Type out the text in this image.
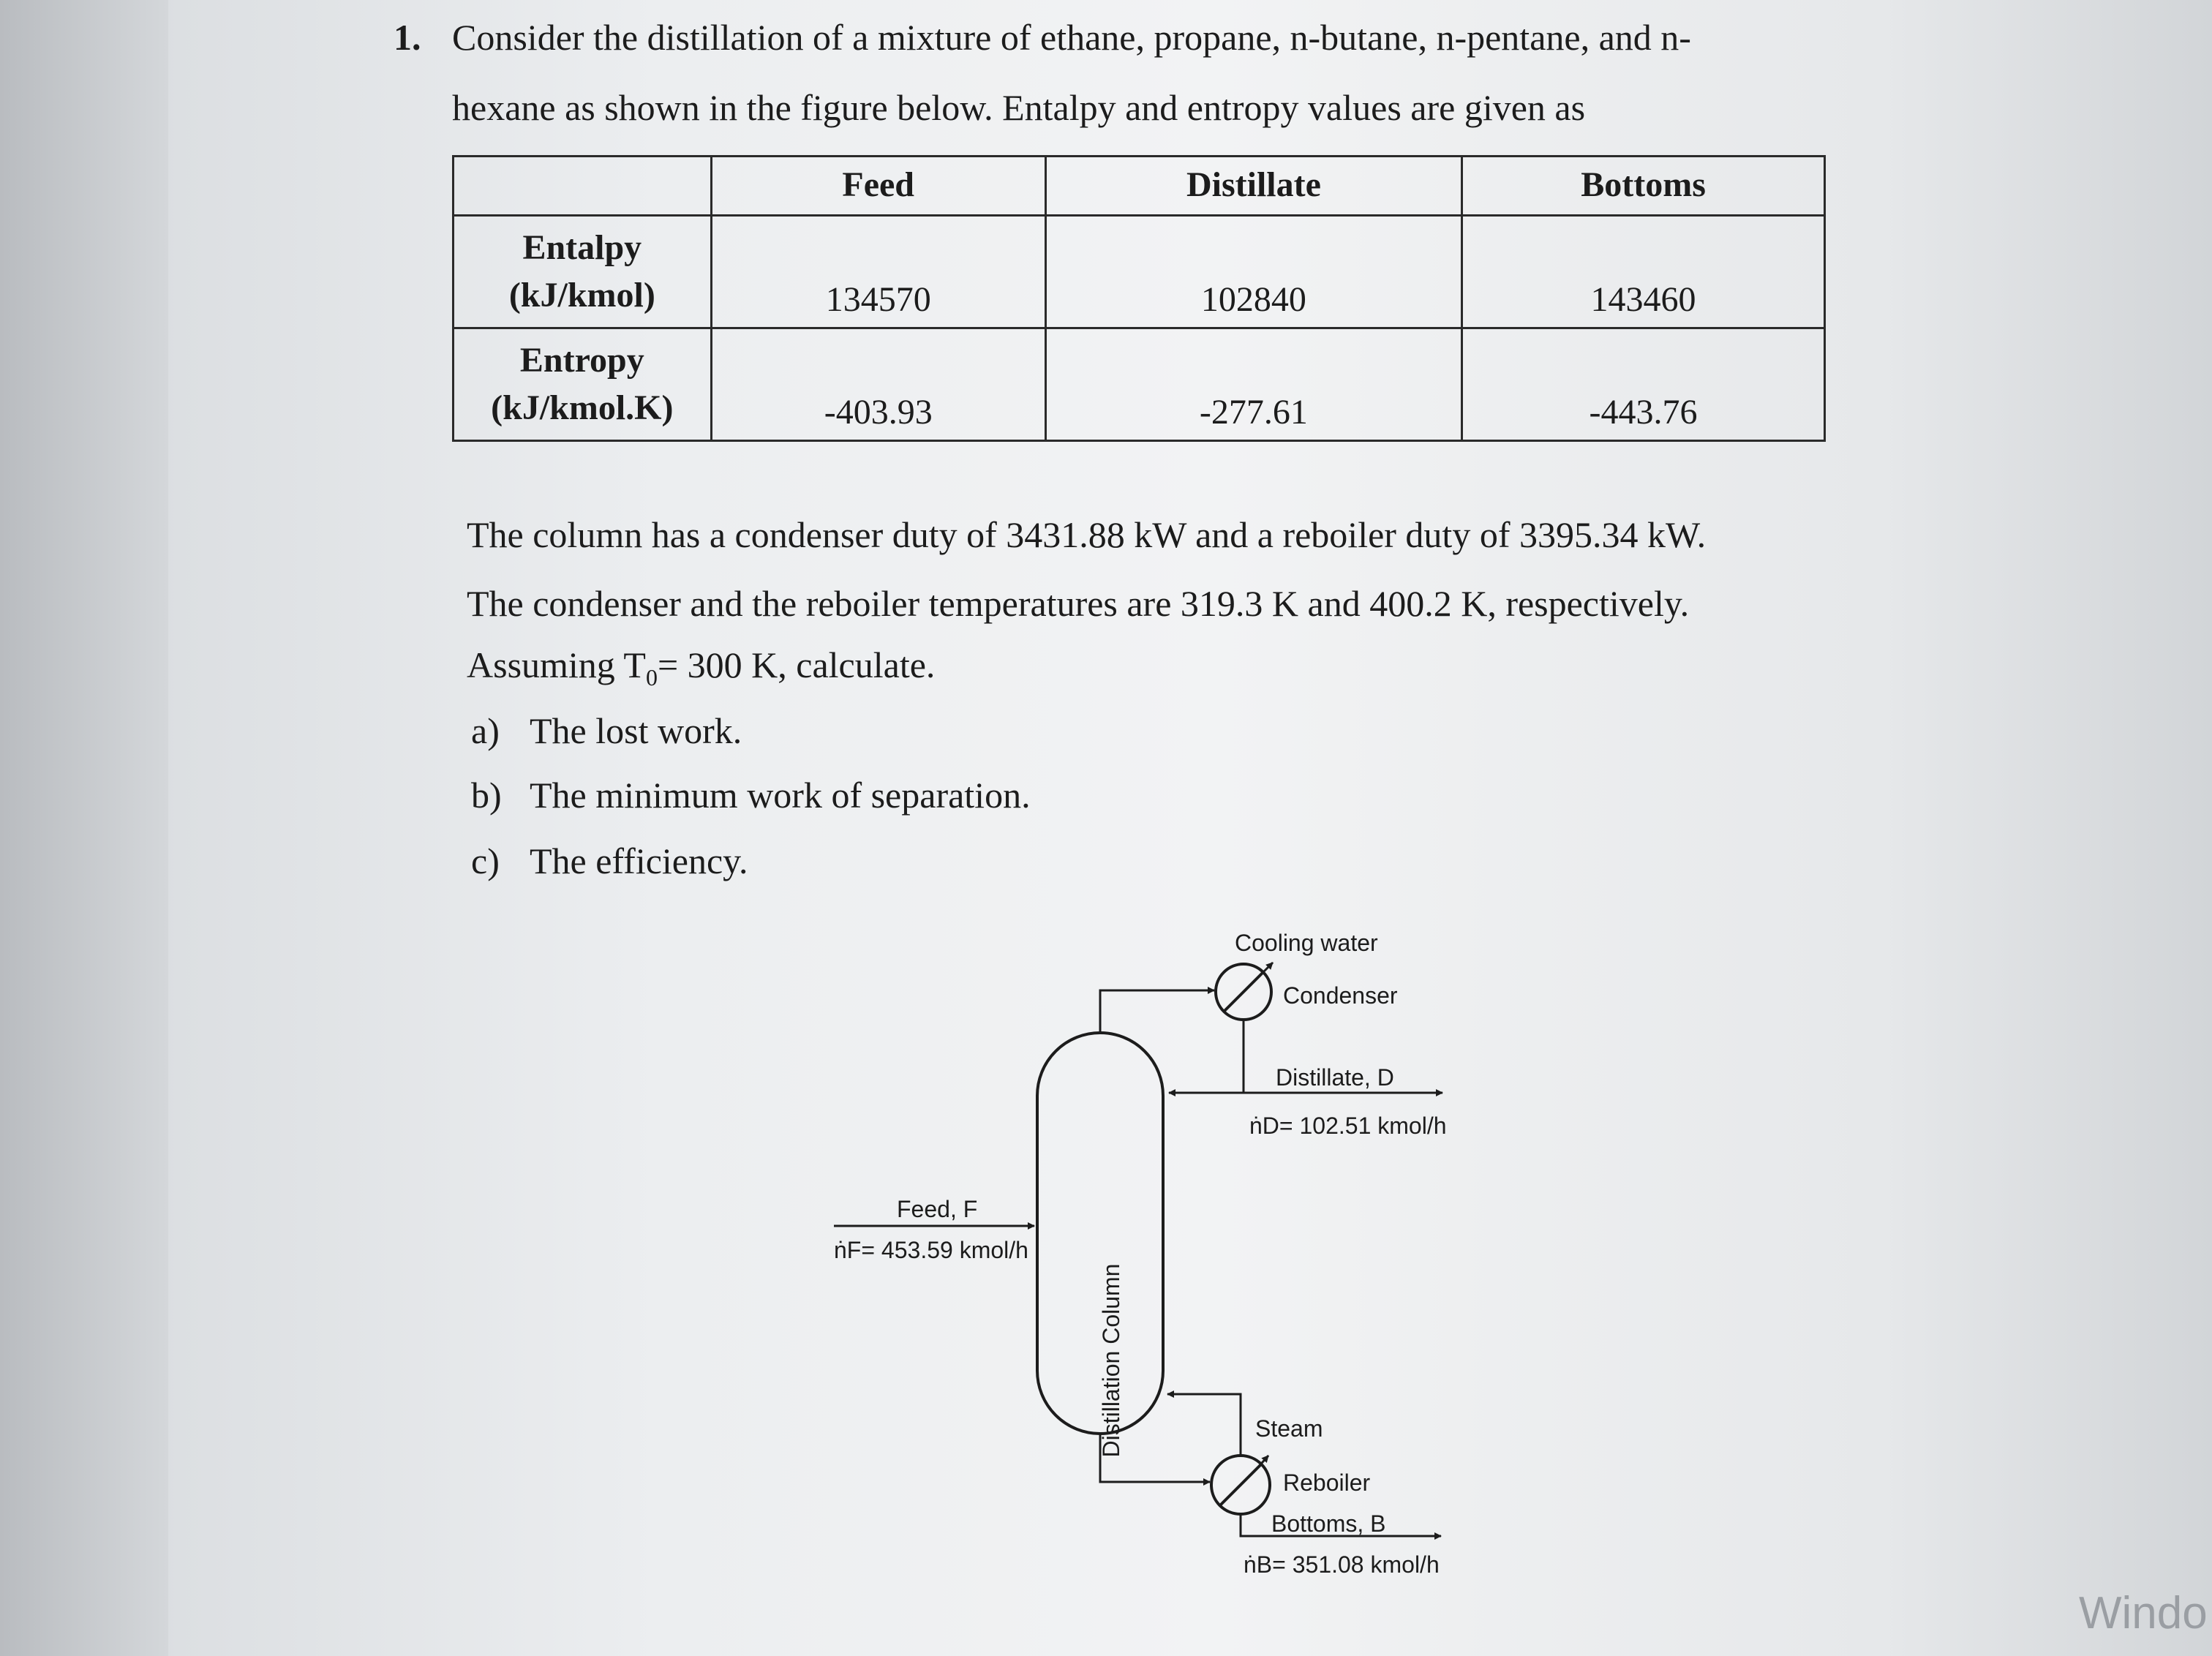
1. Consider the distillation of a mixture of ethane, propane, n-butane, n-pentane, and n-
hexane as shown in the figure below. Entalpy and entropy values are given as
	Feed	Distillate	Bottoms

Entalpy
(kJ/kmol)	134570	102840	143460

Entropy
(kJ/kmol.K)	-403.93	-277.61	-443.76
The column has a condenser duty of 3431.88 kW and a reboiler duty of 3395.34 kW.
The condenser and the reboiler temperatures are 319.3 K and 400.2 K, respectively.
Assuming $T_0= 300$ K, calculate.
a) The lost work.
b) The minimum work of separation.
c) The efficiency.
Distillation Column
Cooling water
Condenser
Distillate, D
ṅD= 102.51 kmol/h
Feed, F
ṅF= 453.59 kmol/h
Steam
Reboiler
Bottoms, B
ṅB= 351.08 kmol/h
Windo
